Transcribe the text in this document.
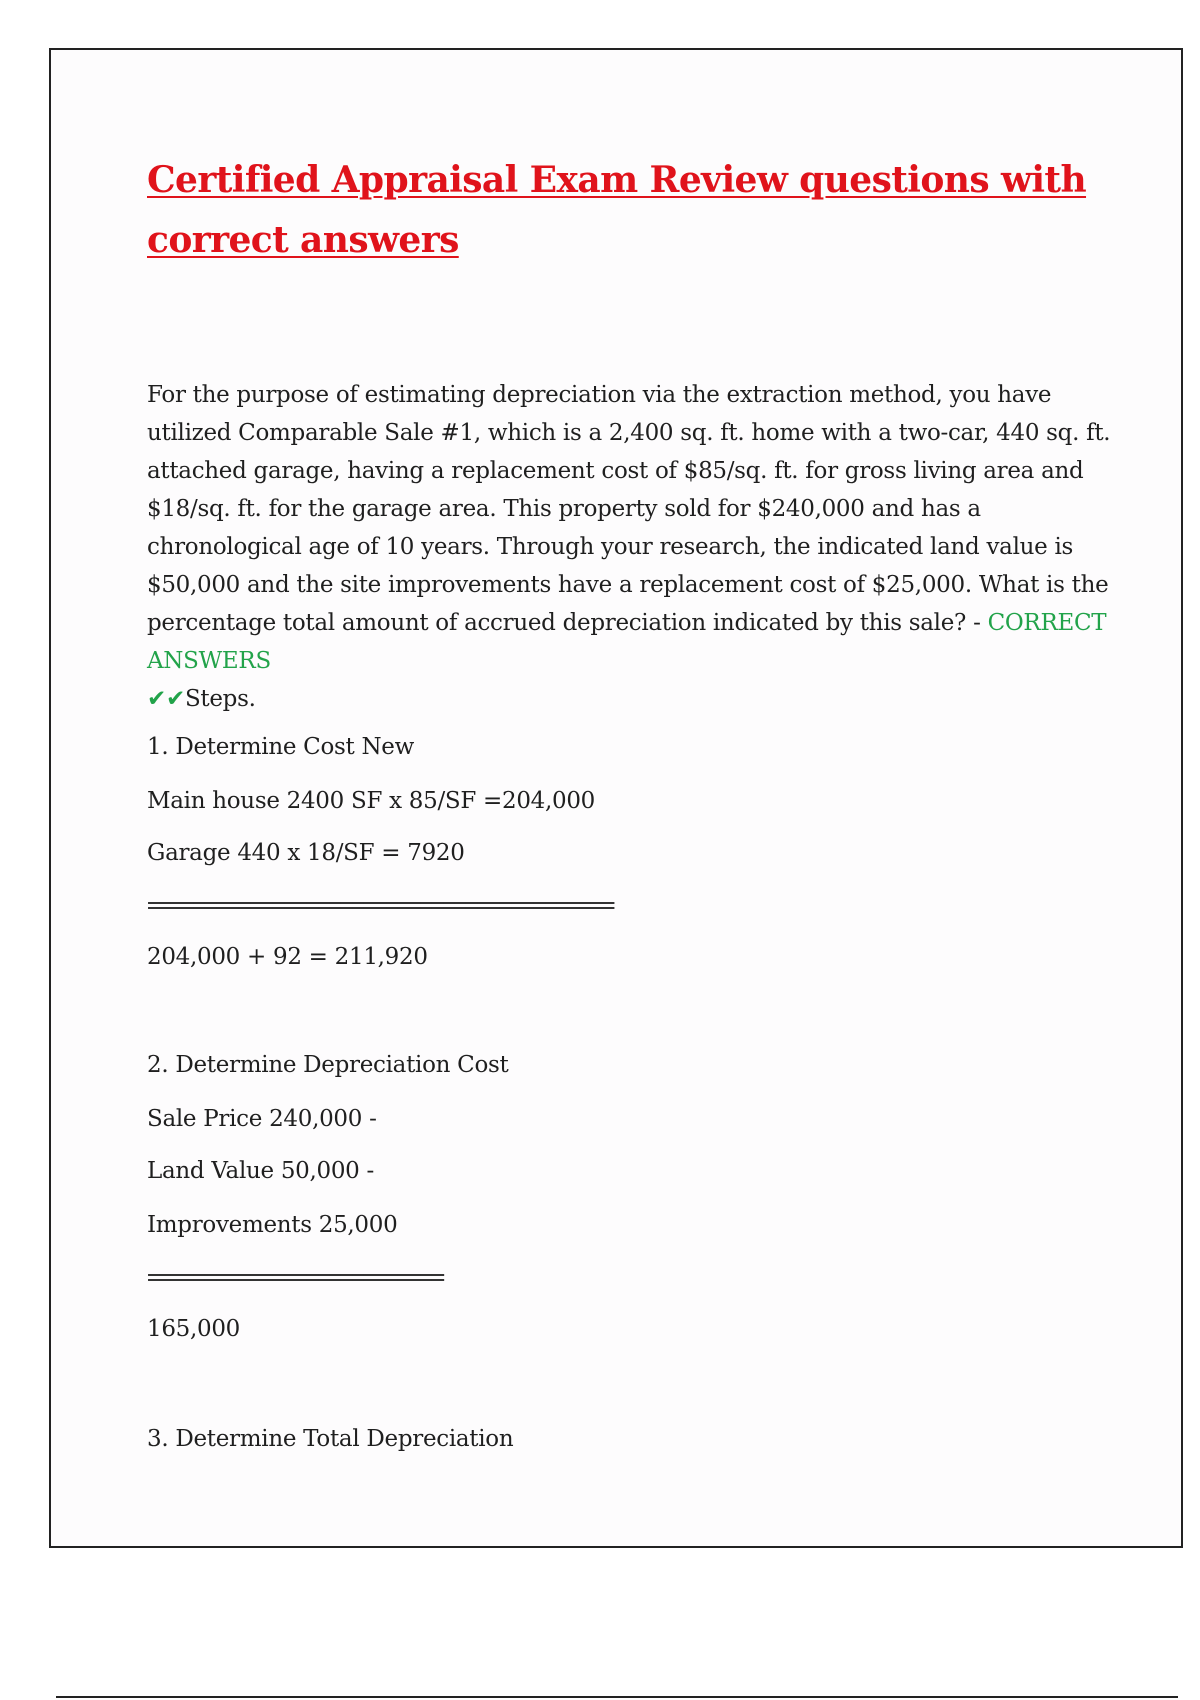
Certified Appraisal Exam Review questions with
correct answers

For the purpose of estimating depreciation via the extraction method, you have utilized Comparable Sale #1, which is a 2,400 sq. ft. home with a two-car, 440 sq. ft. attached garage, having a replacement cost of $85/sq. ft. for gross living area and $18/sq. ft. for the garage area. This property sold for $240,000 and has a chronological age of 10 years. Through your research, the indicated land value is $50,000 and the site improvements have a replacement cost of $25,000. What is the percentage total amount of accrued depreciation indicated by this sale? - CORRECT ANSWERS
✔✔Steps.

1. Determine Cost New

Main house 2400 SF x 85/SF =204,000

Garage 440 x 18/SF = 7920

=========================================

204,000 + 92 = 211,920

2. Determine Depreciation Cost

Sale Price 240,000 -

Land Value 50,000 -

Improvements 25,000

==========================

165,000

3. Determine Total Depreciation
